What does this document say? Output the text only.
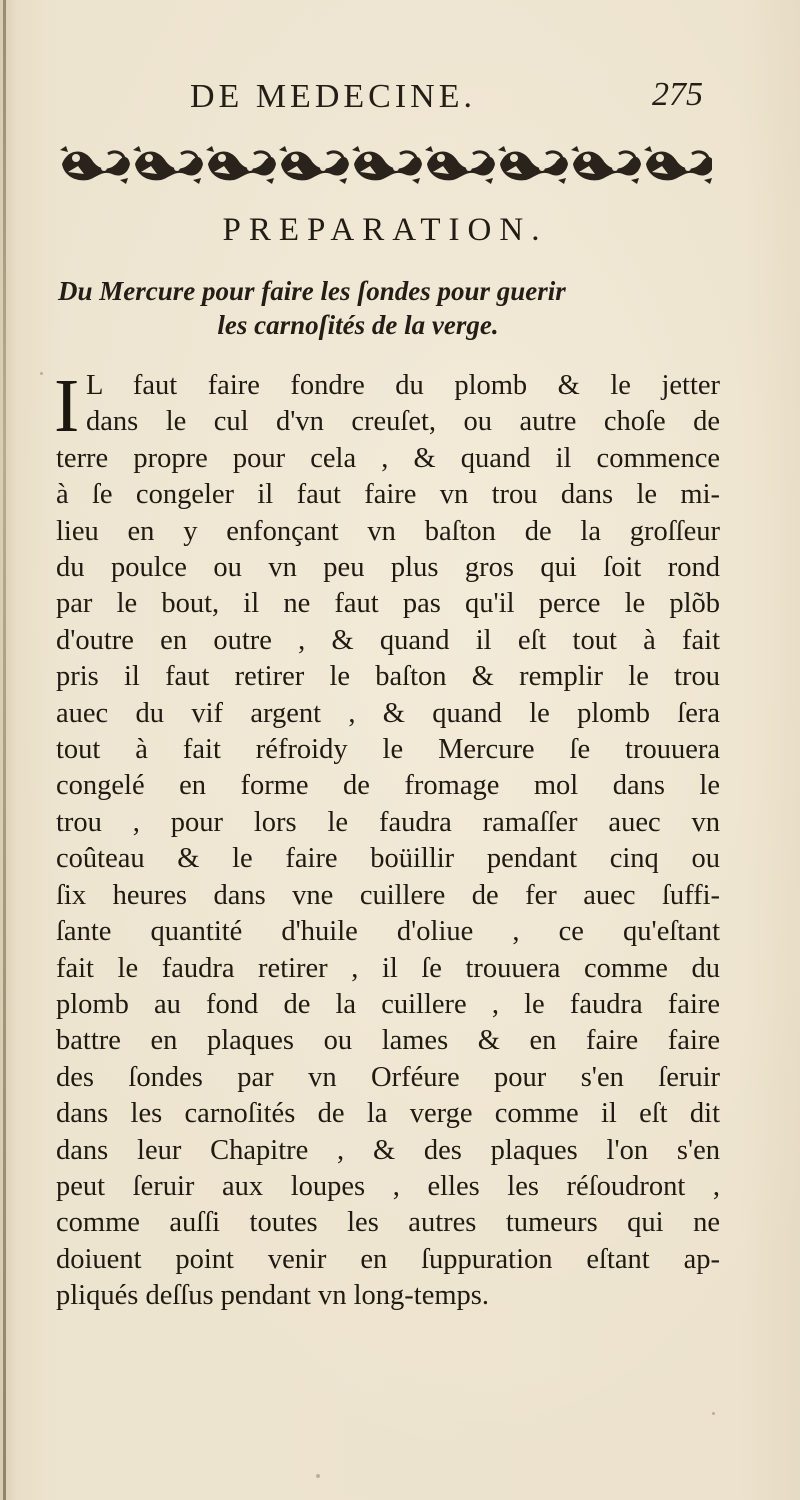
DE MEDECINE.	275
PREPARATION.
Du Mercure pour faire les ſondes pour guerir
les carnoſités de la verge.
I L faut faire fondre du plomb & le jetter
dans le cul d'vn creuſet, ou autre choſe de
terre propre pour cela , & quand il commence
à ſe congeler il faut faire vn trou dans le mi-
lieu en y enfonçant vn baſton de la groſſeur
du poulce ou vn peu plus gros qui ſoit rond
par le bout, il ne faut pas qu'il perce le plõb
d'outre en outre , & quand il eſt tout à fait
pris il faut retirer le baſton & remplir le trou
auec du vif argent , & quand le plomb ſera
tout à fait réfroidy le Mercure ſe trouuera
congelé en forme de fromage mol dans le
trou , pour lors le faudra ramaſſer auec vn
coûteau & le faire boüillir pendant cinq ou
ſix heures dans vne cuillere de fer auec ſuffi-
ſante quantité d'huile d'oliue , ce qu'eſtant
fait le faudra retirer , il ſe trouuera comme du
plomb au fond de la cuillere , le faudra faire
battre en plaques ou lames & en faire faire
des ſondes par vn Orféure pour s'en ſeruir
dans les carnoſités de la verge comme il eſt dit
dans leur Chapitre , & des plaques l'on s'en
peut ſeruir aux loupes , elles les réſoudront ,
comme auſſi toutes les autres tumeurs qui ne
doiuent point venir en ſuppuration eſtant ap-
pliqués deſſus pendant vn long-temps.
